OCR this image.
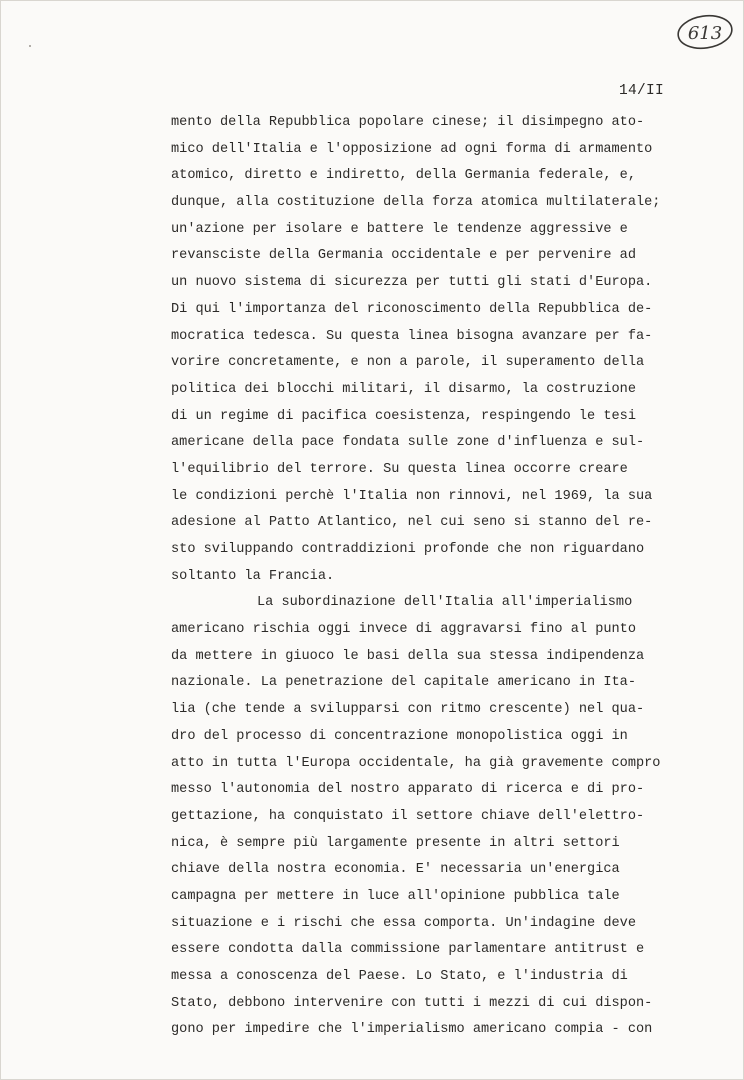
613
14/II
mento della Repubblica popolare cinese; il disimpegno ato-
mico dell'Italia e l'opposizione ad ogni forma di armamento
atomico, diretto e indiretto, della Germania federale, e,
dunque, alla costituzione della forza atomica multilaterale;
un'azione per isolare e battere le tendenze aggressive e
revansciste della Germania occidentale e per pervenire ad
un nuovo sistema di sicurezza per tutti gli stati d'Europa.
Di qui l'importanza del riconoscimento della Repubblica de-
mocratica tedesca. Su questa linea bisogna avanzare per fa-
vorire concretamente, e non a parole, il superamento della
politica dei blocchi militari, il disarmo, la costruzione
di un regime di pacifica coesistenza, respingendo le tesi
americane della pace fondata sulle zone d'influenza e sul-
l'equilibrio del terrore. Su questa linea occorre creare
le condizioni perchè l'Italia non rinnovi, nel 1969, la sua
adesione al Patto Atlantico, nel cui seno si stanno del re-
sto sviluppando contraddizioni profonde che non riguardano
soltanto la Francia.
La subordinazione dell'Italia all'imperialismo
americano rischia oggi invece di aggravarsi fino al punto
da mettere in giuoco le basi della sua stessa indipendenza
nazionale. La penetrazione del capitale americano in Ita-
lia (che tende a svilupparsi con ritmo crescente) nel qua-
dro del processo di concentrazione monopolistica oggi in
atto in tutta l'Europa occidentale, ha già gravemente compro
messo l'autonomia del nostro apparato di ricerca e di pro-
gettazione, ha conquistato il settore chiave dell'elettro-
nica, è sempre più largamente presente in altri settori
chiave della nostra economia. E' necessaria un'energica
campagna per mettere in luce all'opinione pubblica tale
situazione e i rischi che essa comporta. Un'indagine deve
essere condotta dalla commissione parlamentare antitrust e
messa a conoscenza del Paese. Lo Stato, e l'industria di
Stato, debbono intervenire con tutti i mezzi di cui dispon-
gono per impedire che l'imperialismo americano compia - con
